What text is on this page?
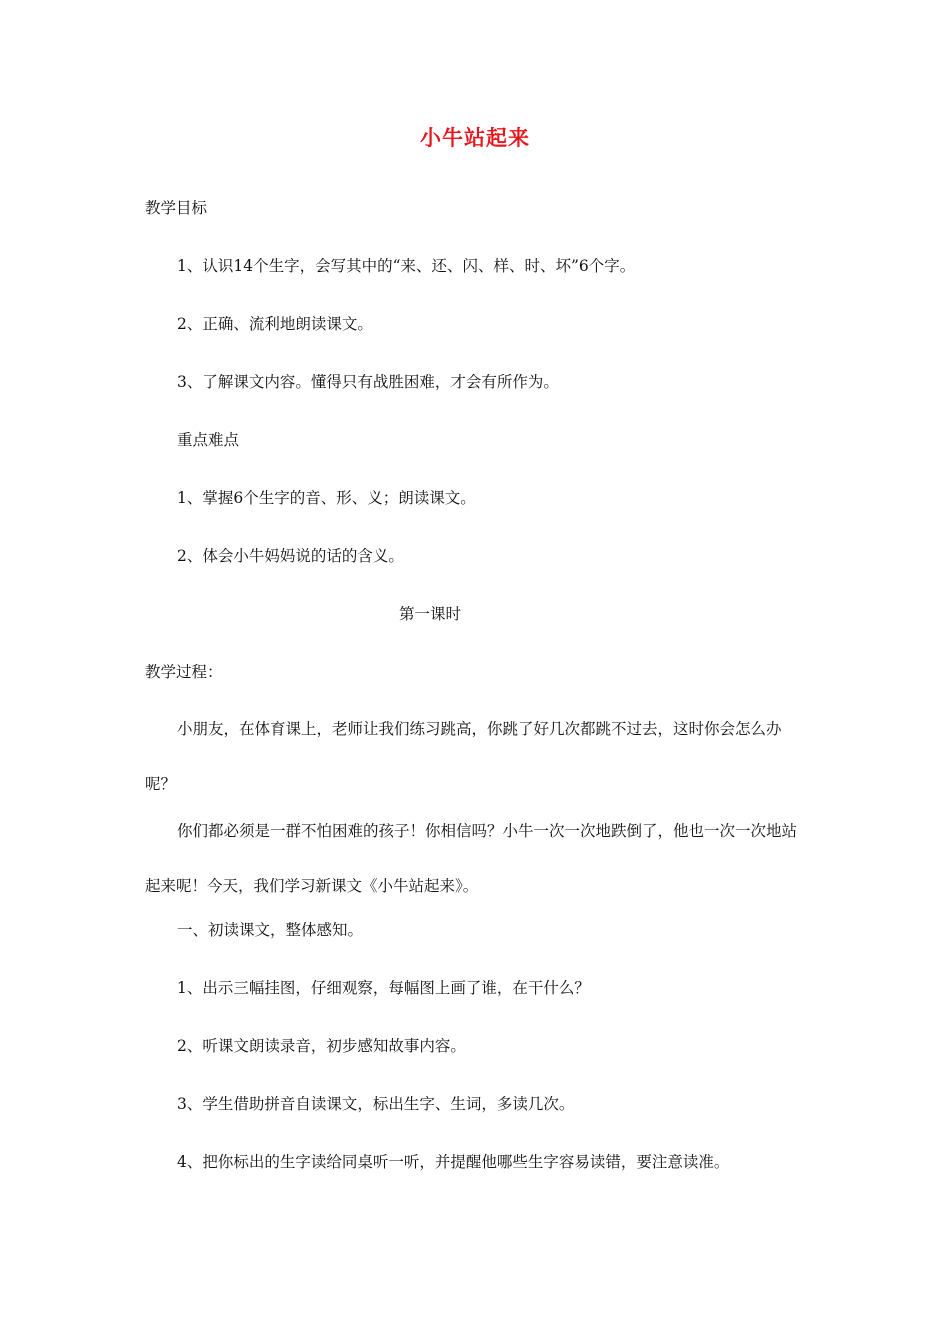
小牛站起来
教学目标
1、认识14个生字，会写其中的“来、还、闪、样、时、坏”6个字。
2、正确、流利地朗读课文。
3、了解课文内容。懂得只有战胜困难，才会有所作为。
重点难点
1、掌握6个生字的音、形、义；朗读课文。
2、体会小牛妈妈说的话的含义。
第一课时
教学过程：

小朋友，在体育课上，老师让我们练习跳高，你跳了好几次都跳不过去，这时你会怎么办呢？

你们都必须是一群不怕困难的孩子！你相信吗？小牛一次一次地跌倒了，他也一次一次地站起来呢！今天，我们学习新课文《小牛站起来》。

一、初读课文，整体感知。
1、出示三幅挂图，仔细观察，每幅图上画了谁，在干什么？
2、听课文朗读录音，初步感知故事内容。
3、学生借助拼音自读课文，标出生字、生词，多读几次。
4、把你标出的生字读给同桌听一听，并提醒他哪些生字容易读错，要注意读准。
